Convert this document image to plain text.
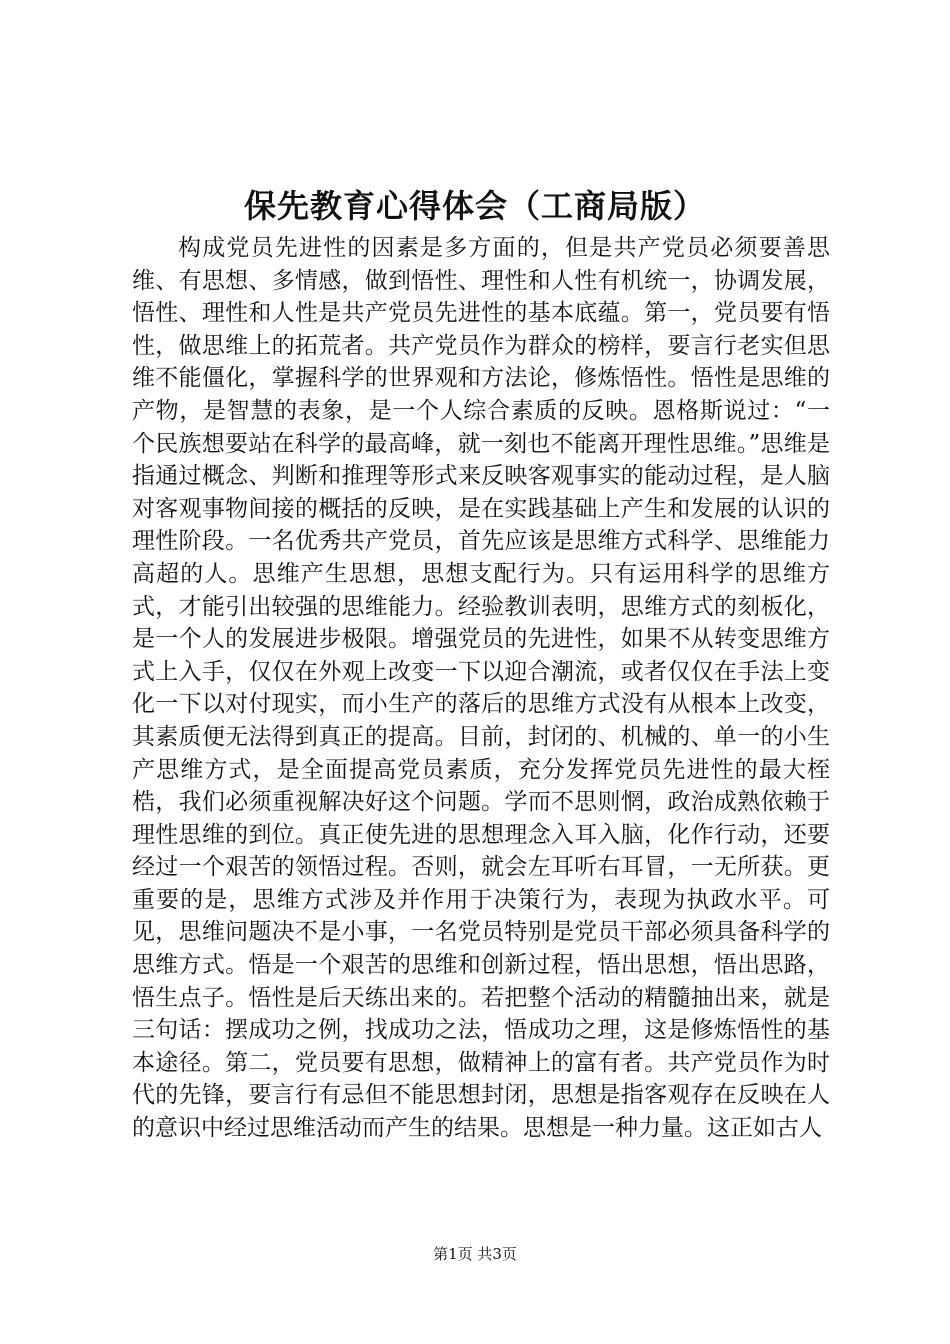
保先教育心得体会（工商局版）

构成党员先进性的因素是多方面的，但是共产党员必须要善思维、有思想、多情感，做到悟性、理性和人性有机统一，协调发展，悟性、理性和人性是共产党员先进性的基本底蕴。第一，党员要有悟性，做思维上的拓荒者。共产党员作为群众的榜样，要言行老实但思维不能僵化，掌握科学的世界观和方法论，修炼悟性。悟性是思维的产物，是智慧的表象，是一个人综合素质的反映。恩格斯说过：“一个民族想要站在科学的最高峰，就一刻也不能离开理性思维。”思维是指通过概念、判断和推理等形式来反映客观事实的能动过程，是人脑对客观事物间接的概括的反映，是在实践基础上产生和发展的认识的理性阶段。一名优秀共产党员，首先应该是思维方式科学、思维能力高超的人。思维产生思想，思想支配行为。只有运用科学的思维方式，才能引出较强的思维能力。经验教训表明，思维方式的刻板化，是一个人的发展进步极限。增强党员的先进性，如果不从转变思维方式上入手，仅仅在外观上改变一下以迎合潮流，或者仅仅在手法上变化一下以对付现实，而小生产的落后的思维方式没有从根本上改变，其素质便无法得到真正的提高。目前，封闭的、机械的、单一的小生产思维方式，是全面提高党员素质，充分发挥党员先进性的最大桎梏，我们必须重视解决好这个问题。学而不思则惘，政治成熟依赖于理性思维的到位。真正使先进的思想理念入耳入脑，化作行动，还要经过一个艰苦的领悟过程。否则，就会左耳听右耳冒，一无所获。更重要的是，思维方式涉及并作用于决策行为，表现为执政水平。可见，思维问题决不是小事，一名党员特别是党员干部必须具备科学的思维方式。悟是一个艰苦的思维和创新过程，悟出思想，悟出思路，悟生点子。悟性是后天练出来的。若把整个活动的精髓抽出来，就是三句话：摆成功之例，找成功之法，悟成功之理，这是修炼悟性的基本途径。第二，党员要有思想，做精神上的富有者。共产党员作为时代的先锋，要言行有忌但不能思想封闭，思想是指客观存在反映在人的意识中经过思维活动而产生的结果。思想是一种力量。这正如古人

第1页 共3页
